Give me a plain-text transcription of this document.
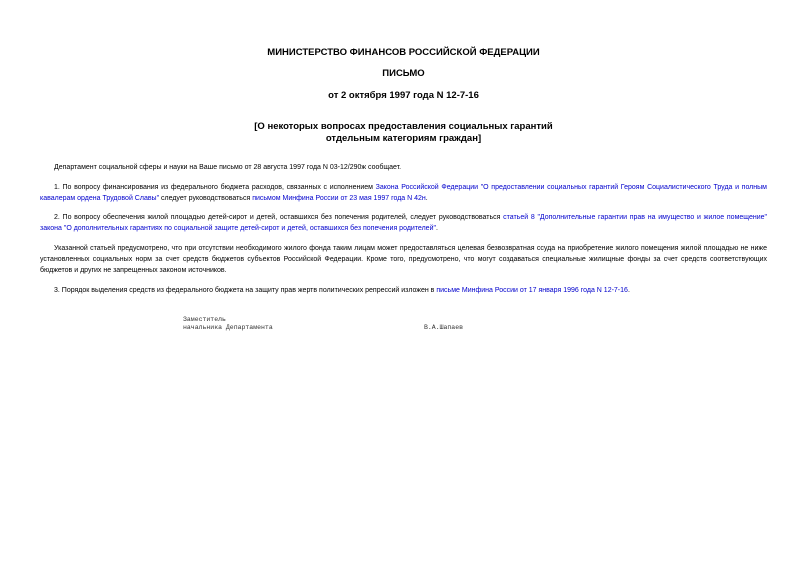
МИНИСТЕРСТВО ФИНАНСОВ РОССИЙСКОЙ ФЕДЕРАЦИИ
ПИСЬМО
от 2 октября 1997 года N 12-7-16
[О некоторых вопросах предоставления социальных гарантий
отдельным категориям граждан]
Департамент социальной сферы и науки на Ваше письмо от 28 августа 1997 года N 03-12/290ж сообщает.
1. По вопросу финансирования из федерального бюджета расходов, связанных с исполнением Закона Российской Федерации "О предоставлении социальных гарантий Героям Социалистического Труда и полным кавалерам ордена Трудовой Славы" следует руководствоваться письмом Минфина России от 23 мая 1997 года N 42н.
2. По вопросу обеспечения жилой площадью детей-сирот и детей, оставшихся без попечения родителей, следует руководствоваться статьей 8 "Дополнительные гарантии прав на имущество и жилое помещение" закона "О дополнительных гарантиях по социальной защите детей-сирот и детей, оставшихся без попечения родителей".
Указанной статьей предусмотрено, что при отсутствии необходимого жилого фонда таким лицам может предоставляться целевая безвозвратная ссуда на приобретение жилого помещения жилой площадью не ниже установленных социальных норм за счет средств бюджетов субъектов Российской Федерации. Кроме того, предусмотрено, что могут создаваться специальные жилищные фонды за счет средств соответствующих бюджетов и других не запрещенных законом источников.
3. Порядок выделения средств из федерального бюджета на защиту прав жертв политических репрессий изложен в письме Минфина России от 17 января 1996 года N 12-7-16.
Заместитель
начальника Департамента	В.А.Шапаев
